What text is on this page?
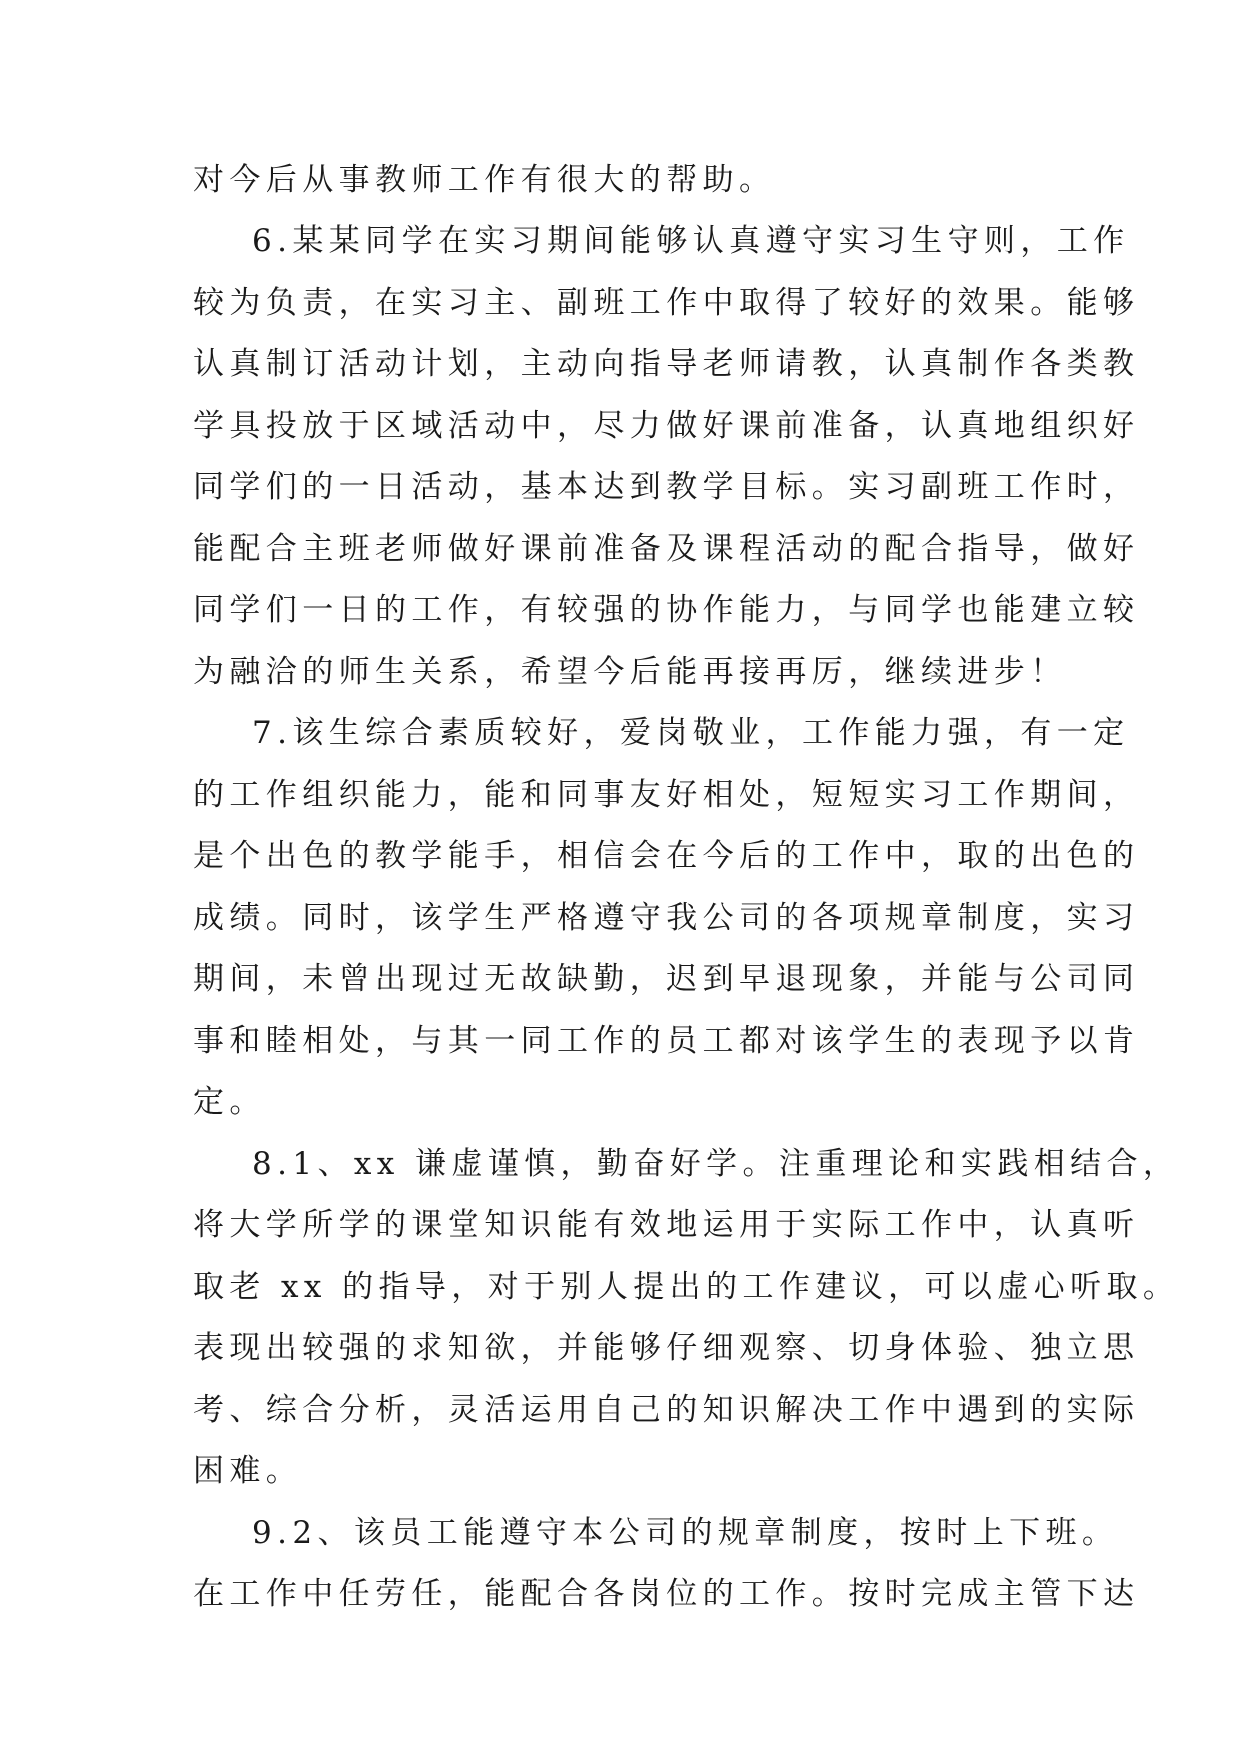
对今后从事教师工作有很大的帮助。
6.某某同学在实习期间能够认真遵守实习生守则，工作
较为负责，在实习主、副班工作中取得了较好的效果。能够
认真制订活动计划，主动向指导老师请教，认真制作各类教
学具投放于区域活动中，尽力做好课前准备，认真地组织好
同学们的一日活动，基本达到教学目标。实习副班工作时，
能配合主班老师做好课前准备及课程活动的配合指导，做好
同学们一日的工作，有较强的协作能力，与同学也能建立较
为融洽的师生关系，希望今后能再接再厉，继续进步！
7.该生综合素质较好，爱岗敬业，工作能力强，有一定
的工作组织能力，能和同事友好相处，短短实习工作期间，
是个出色的教学能手，相信会在今后的工作中，取的出色的
成绩。同时，该学生严格遵守我公司的各项规章制度，实习
期间，未曾出现过无故缺勤，迟到早退现象，并能与公司同
事和睦相处，与其一同工作的员工都对该学生的表现予以肯
定。
8.1、xx 谦虚谨慎，勤奋好学。注重理论和实践相结合，
将大学所学的课堂知识能有效地运用于实际工作中，认真听
取老 xx 的指导，对于别人提出的工作建议，可以虚心听取。
表现出较强的求知欲，并能够仔细观察、切身体验、独立思
考、综合分析，灵活运用自己的知识解决工作中遇到的实际
困难。
9.2、该员工能遵守本公司的规章制度，按时上下班。
在工作中任劳任，能配合各岗位的工作。按时完成主管下达
